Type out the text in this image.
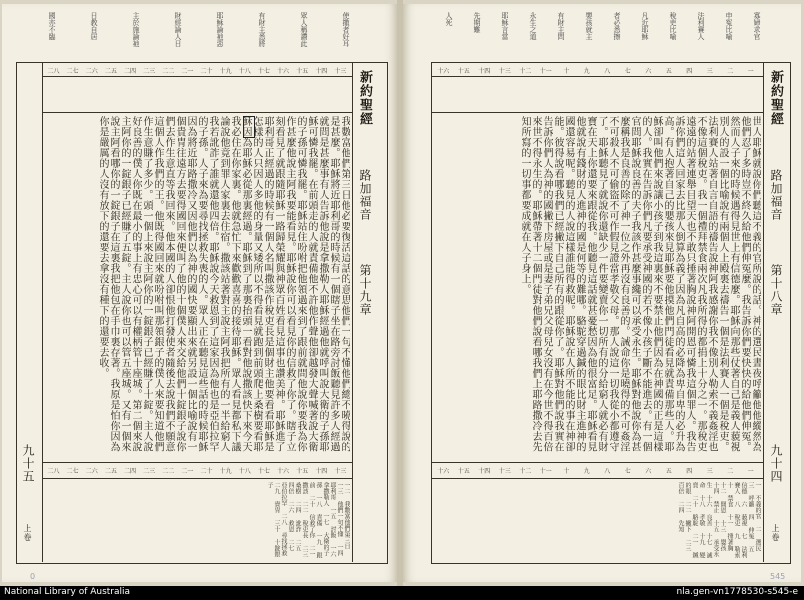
使撒者好耳
眾人稱讚此
有財主悉將
耶穌論祂惡
財經論人日
主於施論祂
日教自居
國亦不臨
二八 二七 二六 二五 二四 二三 二二 二一 二十 十九 十八 十七 十六 十五 十四 十三
二八 二七 二六 二五 二四 二三 二二 二一 二十 十九 十八 十七 十六 十五 十四 十三
新約聖經
路加福音
第十九章
九十五
上卷
我數富他們第三日他必要復活這話的意思他們一句不懂他們總不曉得說的是甚麼。耶穌將近耶利哥的時候有一個瞎子坐在路旁討飯聽見許多人經過就問是甚麼事有人告訴他說是拿撒勒人耶穌經過他就呼叫說大衛的子孫耶穌可憐我罷。在前頭走的人就責備他不許他作聲他卻越發大聲喊著說大衛的子孫可憐我罷。耶穌站住吩咐把他領過來到了跟前就問他說你要我為你作甚麼他說主阿我要能看見。耶穌說你可以看見你的信救了你了。瞎子立刻看見了就跟隨耶穌一路歸榮耀與神眾百姓看見這事也讚美神。耶穌進了耶利哥正經過的時候有一個人名叫撒該作稅吏長是個財主他要看看耶穌是怎樣的人只因人多他的身量又矮所以不得看見就跑到前頭爬上桑樹要看耶穌因為耶穌必從那裏經過。耶穌到了那裏抬頭一看對他說撒該快下來今天我必住在你家裏。他就急忙下來歡歡喜喜的接待耶穌。眾人看見都私下議論說他竟到罪人家裏去住宿。撒該站著對主說主阿我把所有的一半給窮人我若訛詐了誰就還他四倍。耶穌說今天救恩到了這家因為他也是亞伯拉罕的子孫。人子來為要尋找拯救失喪的人。眾人正在聽見這些話的時候耶穌因為將近耶路撒冷又因他們以為神的國快要顯出來就另設一個比喻說有一個貴冑往遠方去要得國回來便叫了他的十個僕人來交給他們十錠銀子說你們去作生意直等我回來。他本國的人卻恨他打發使者隨後去說我們不願意這個人作我們的王。他既得國回來就吩咐叫那領銀子的僕人來要知道他們作生意賺了多少。頭一個上來說主阿你的一錠銀子已經賺了十錠。主人說好良善的僕人你既在最小的事上有忠心可以有權柄管十座城。第二個來說主阿你的一錠銀子已經賺了五錠。主人說你也可以管五座城。又有一個來說主阿看哪你的一錠銀子在這裏我把他包在手巾裏存著。我原是怕你因為你是嚴厲的人沒有放下的還要去拿沒有種下的還要去收。
一二 我數富他們第三日 一三 他們一句不懂 一四 耶利哥 一五 討飯 一六 拿撒勒人 一七 大衛的子孫 一八 責備 一九 跟前 二十 信救了你 二一 撒該 二二 稅吏長 二三 桑樹 二四 訛詐 二五 四倍 二六 救恩 二七 亞伯拉罕 二八 尋找拯救 二九 貴冑 三十 十錠銀子
寡婦求官
申冤比喻
法利賽人
稅吏比喻
凡近耶穌
者必悉擦
嬰孩就主
有財主問
永生之道
耶穌言當
先期難
人死
十六 十五 十四 十三 十二 十一 十 九 八 七 六 五 四 三 二 一
十六 十五 十四 十三 十二 十一 十 九 八 七 六 五 四 三 二 一
新約聖經
路加福音
第十八章
九十四
上卷
世人耶穌就說你們聽這不義的官所說的話。神的選民晝夜呼籲他他縱然為他們忍了多時豈不終久給他們伸冤麼。我告訴你們要快快的給他們伸冤。然而人子來的時候遇得見世上有信德麼。耶穌向那些仗著自己是義人藐視別人的設一個比喻說有兩個人上殿裏去禱告一個是法利賽人一個是稅吏。法利賽人站著自言自語的禱告說神阿我感謝你我不像別人勒索不義姦淫也不像這個稅吏。我一個禮拜禁食兩次凡我所得的都捐上十分之一。那稅吏遠遠的站著連舉目望天也不敢只捶著胸說神阿開恩可憐我這個罪人。我告訴你們這人回家去比那人倒算為義了因為凡自高的必降為卑自卑的必升為高。有人抱著自己的嬰孩來見耶穌要他摸他們門徒看見就責備那些人。耶穌卻叫他們來說讓小孩子到我這裏來不要禁止他們因為在神國的正是這樣的人。我實在告訴你們凡要承受神國的若不像小孩子斷不能進去。有一個官問耶穌說良善的夫子我該作甚麼事纔可以承受永生。耶穌對他說你為甚麼稱我是良善的除了神一位之外再沒有良善的。誡命你是曉得的不可姦淫不可殺人不可偷盜不可作假見證當孝敬父母。那人說這一切我從小都遵守了。耶穌聽見了就說你還缺少一件要變賣你一切所有的分給窮人就必有財寶在天上你還要來跟從我。他聽見這話就甚憂愁因為他很富足。耶穌看見他就說有錢財的人進神的國是何等的難哪。駱駝穿過鍼的眼比財主進神的國還容易呢。聽見的人說這樣誰能得救呢。耶穌說在人所不能的事在神卻能。彼得說看哪我們已經撇下自己所有的跟從你了。耶穌對他們說我實在告訴你們人為神的國撇下房屋或是妻子弟兄父母兒女沒有在今世不得百倍來世不得永生的。耶穌帶著十二個門徒對他們說看哪我們上耶路撒冷去先知所寫的一切事都要成就在人子身上。
一 不義的官 二 選民 三 呼籲 四 伸冤 五 信德 六 藐視 七 法利賽人 八 稅吏 九 勒索 十 禁食 十一 捶著胸 十二 開恩 十三 嬰孩 十四 禁止 十五 承受永生 十六 良善 十七 誡命 十八 孝敬 十九 變賣 二十 駱駝 二一 鍼的眼 二二 撇下 二三 百倍 二四 先知
0	545
National Library of Australia	nla.gen-vn1778530-s545-e
